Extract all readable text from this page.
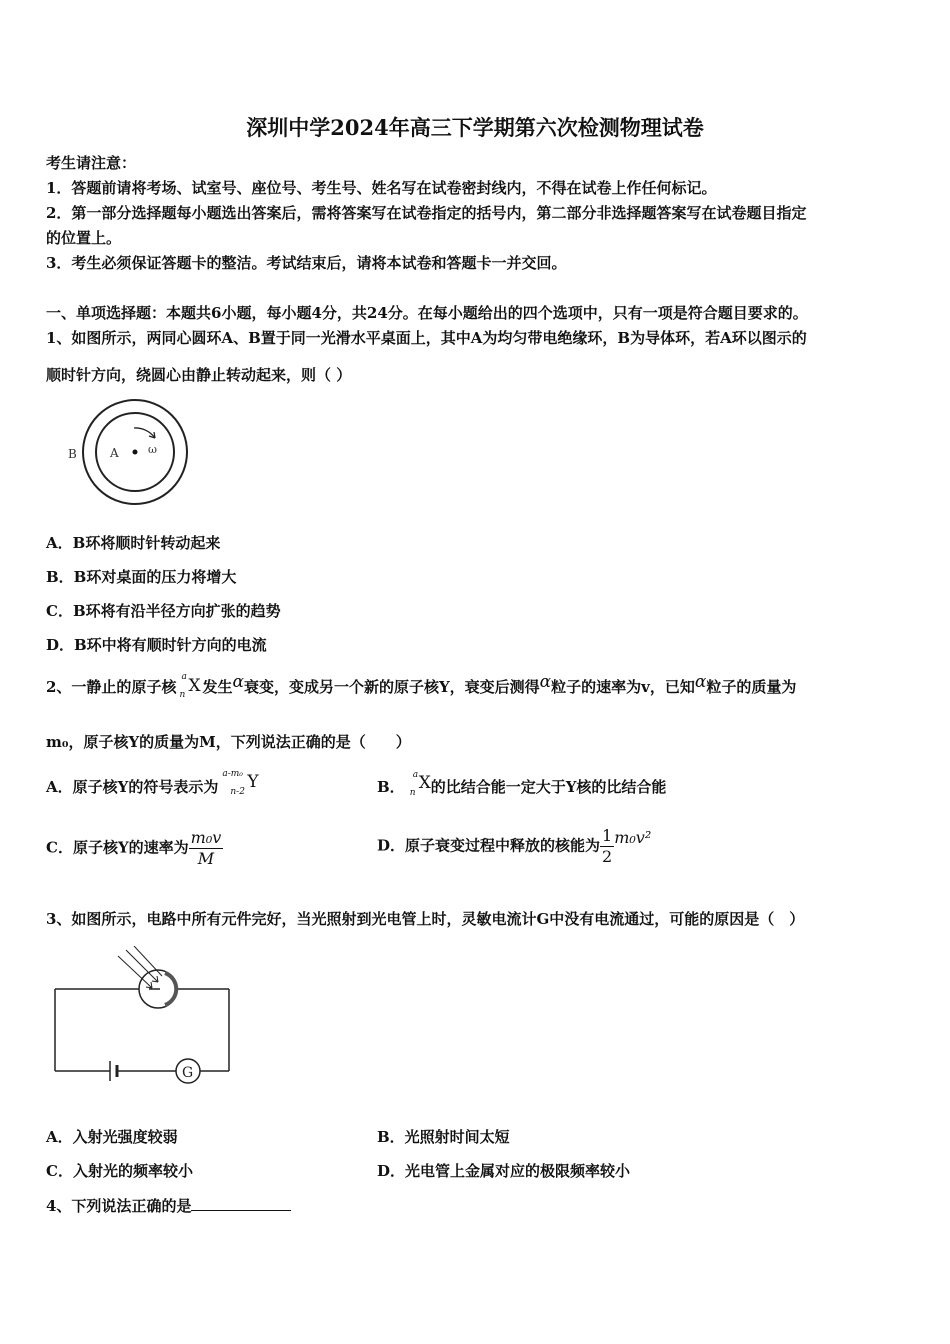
深圳中学2024年高三下学期第六次检测物理试卷
考生请注意：
1．答题前请将考场、试室号、座位号、考生号、姓名写在试卷密封线内，不得在试卷上作任何标记。
2．第一部分选择题每小题选出答案后，需将答案写在试卷指定的括号内，第二部分非选择题答案写在试卷题目指定
的位置上。
3．考生必须保证答题卡的整洁。考试结束后，请将本试卷和答题卡一并交回。
一、单项选择题：本题共6小题，每小题4分，共24分。在每小题给出的四个选项中，只有一项是符合题目要求的。
1、如图所示，两同心圆环A、B置于同一光滑水平桌面上，其中A为均匀带电绝缘环，B为导体环，若A环以图示的
顺时针方向，绕圆心由静止转动起来，则（ ）
B	A	ω
A．B环将顺时针转动起来
B．B环对桌面的压力将增大
C．B环将有沿半径方向扩张的趋势
D．B环中将有顺时针方向的电流
2、一静止的原子核
a
n X 发生α衰变，变成另一个新的原子核Y，衰变后测得α粒子的速率为v，已知α粒子的质量为
m₀，原子核Y的质量为M，下列说法正确的是（　　）
A．原子核Y的符号表示为
a-m₀
n-2 Y	B．
a
n X 的比结合能一定大于Y核的比结合能
C．原子核Y的速率为 $\frac{\text{m₀v}}{M}$	D．原子衰变过程中释放的核能为 $\frac{1}{2} m_0v^2$
3、如图所示，电路中所有元件完好，当光照射到光电管上时，灵敏电流计G中没有电流通过，可能的原因是（　）
G
A．入射光强度较弱	B．光照射时间太短
C．入射光的频率较小	D．光电管上金属对应的极限频率较小
4、下列说法正确的是
